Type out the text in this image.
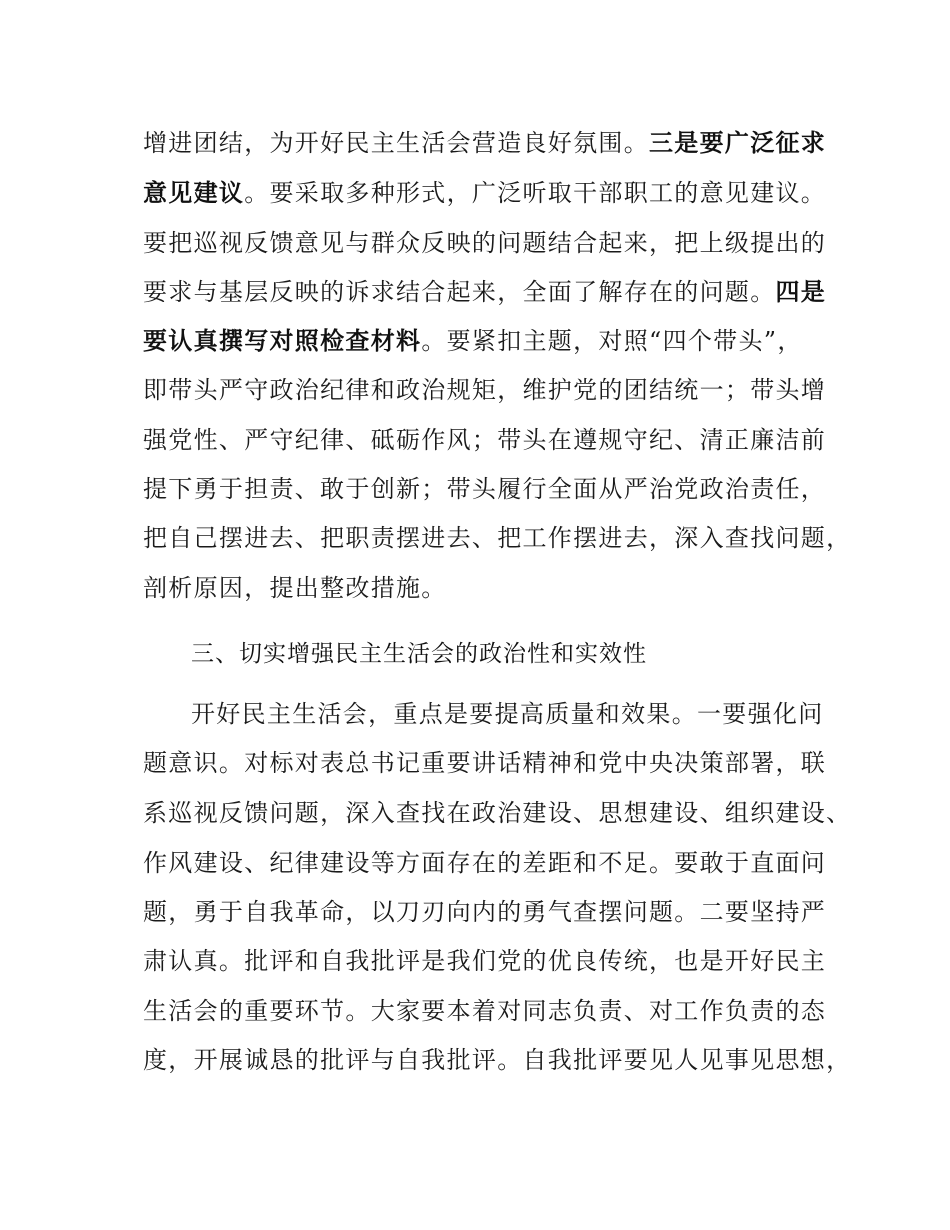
增进团结，为开好民主生活会营造良好氛围。三是要广泛征求
意见建议。要采取多种形式，广泛听取干部职工的意见建议。
要把巡视反馈意见与群众反映的问题结合起来，把上级提出的
要求与基层反映的诉求结合起来，全面了解存在的问题。四是
要认真撰写对照检查材料。要紧扣主题，对照“四个带头”，
即带头严守政治纪律和政治规矩，维护党的团结统一；带头增
强党性、严守纪律、砥砺作风；带头在遵规守纪、清正廉洁前
提下勇于担责、敢于创新；带头履行全面从严治党政治责任，
把自己摆进去、把职责摆进去、把工作摆进去，深入查找问题，
剖析原因，提出整改措施。
三、切实增强民主生活会的政治性和实效性
开好民主生活会，重点是要提高质量和效果。一要强化问
题意识。对标对表总书记重要讲话精神和党中央决策部署，联
系巡视反馈问题，深入查找在政治建设、思想建设、组织建设、
作风建设、纪律建设等方面存在的差距和不足。要敢于直面问
题，勇于自我革命，以刀刃向内的勇气查摆问题。二要坚持严
肃认真。批评和自我批评是我们党的优良传统，也是开好民主
生活会的重要环节。大家要本着对同志负责、对工作负责的态
度，开展诚恳的批评与自我批评。自我批评要见人见事见思想，
